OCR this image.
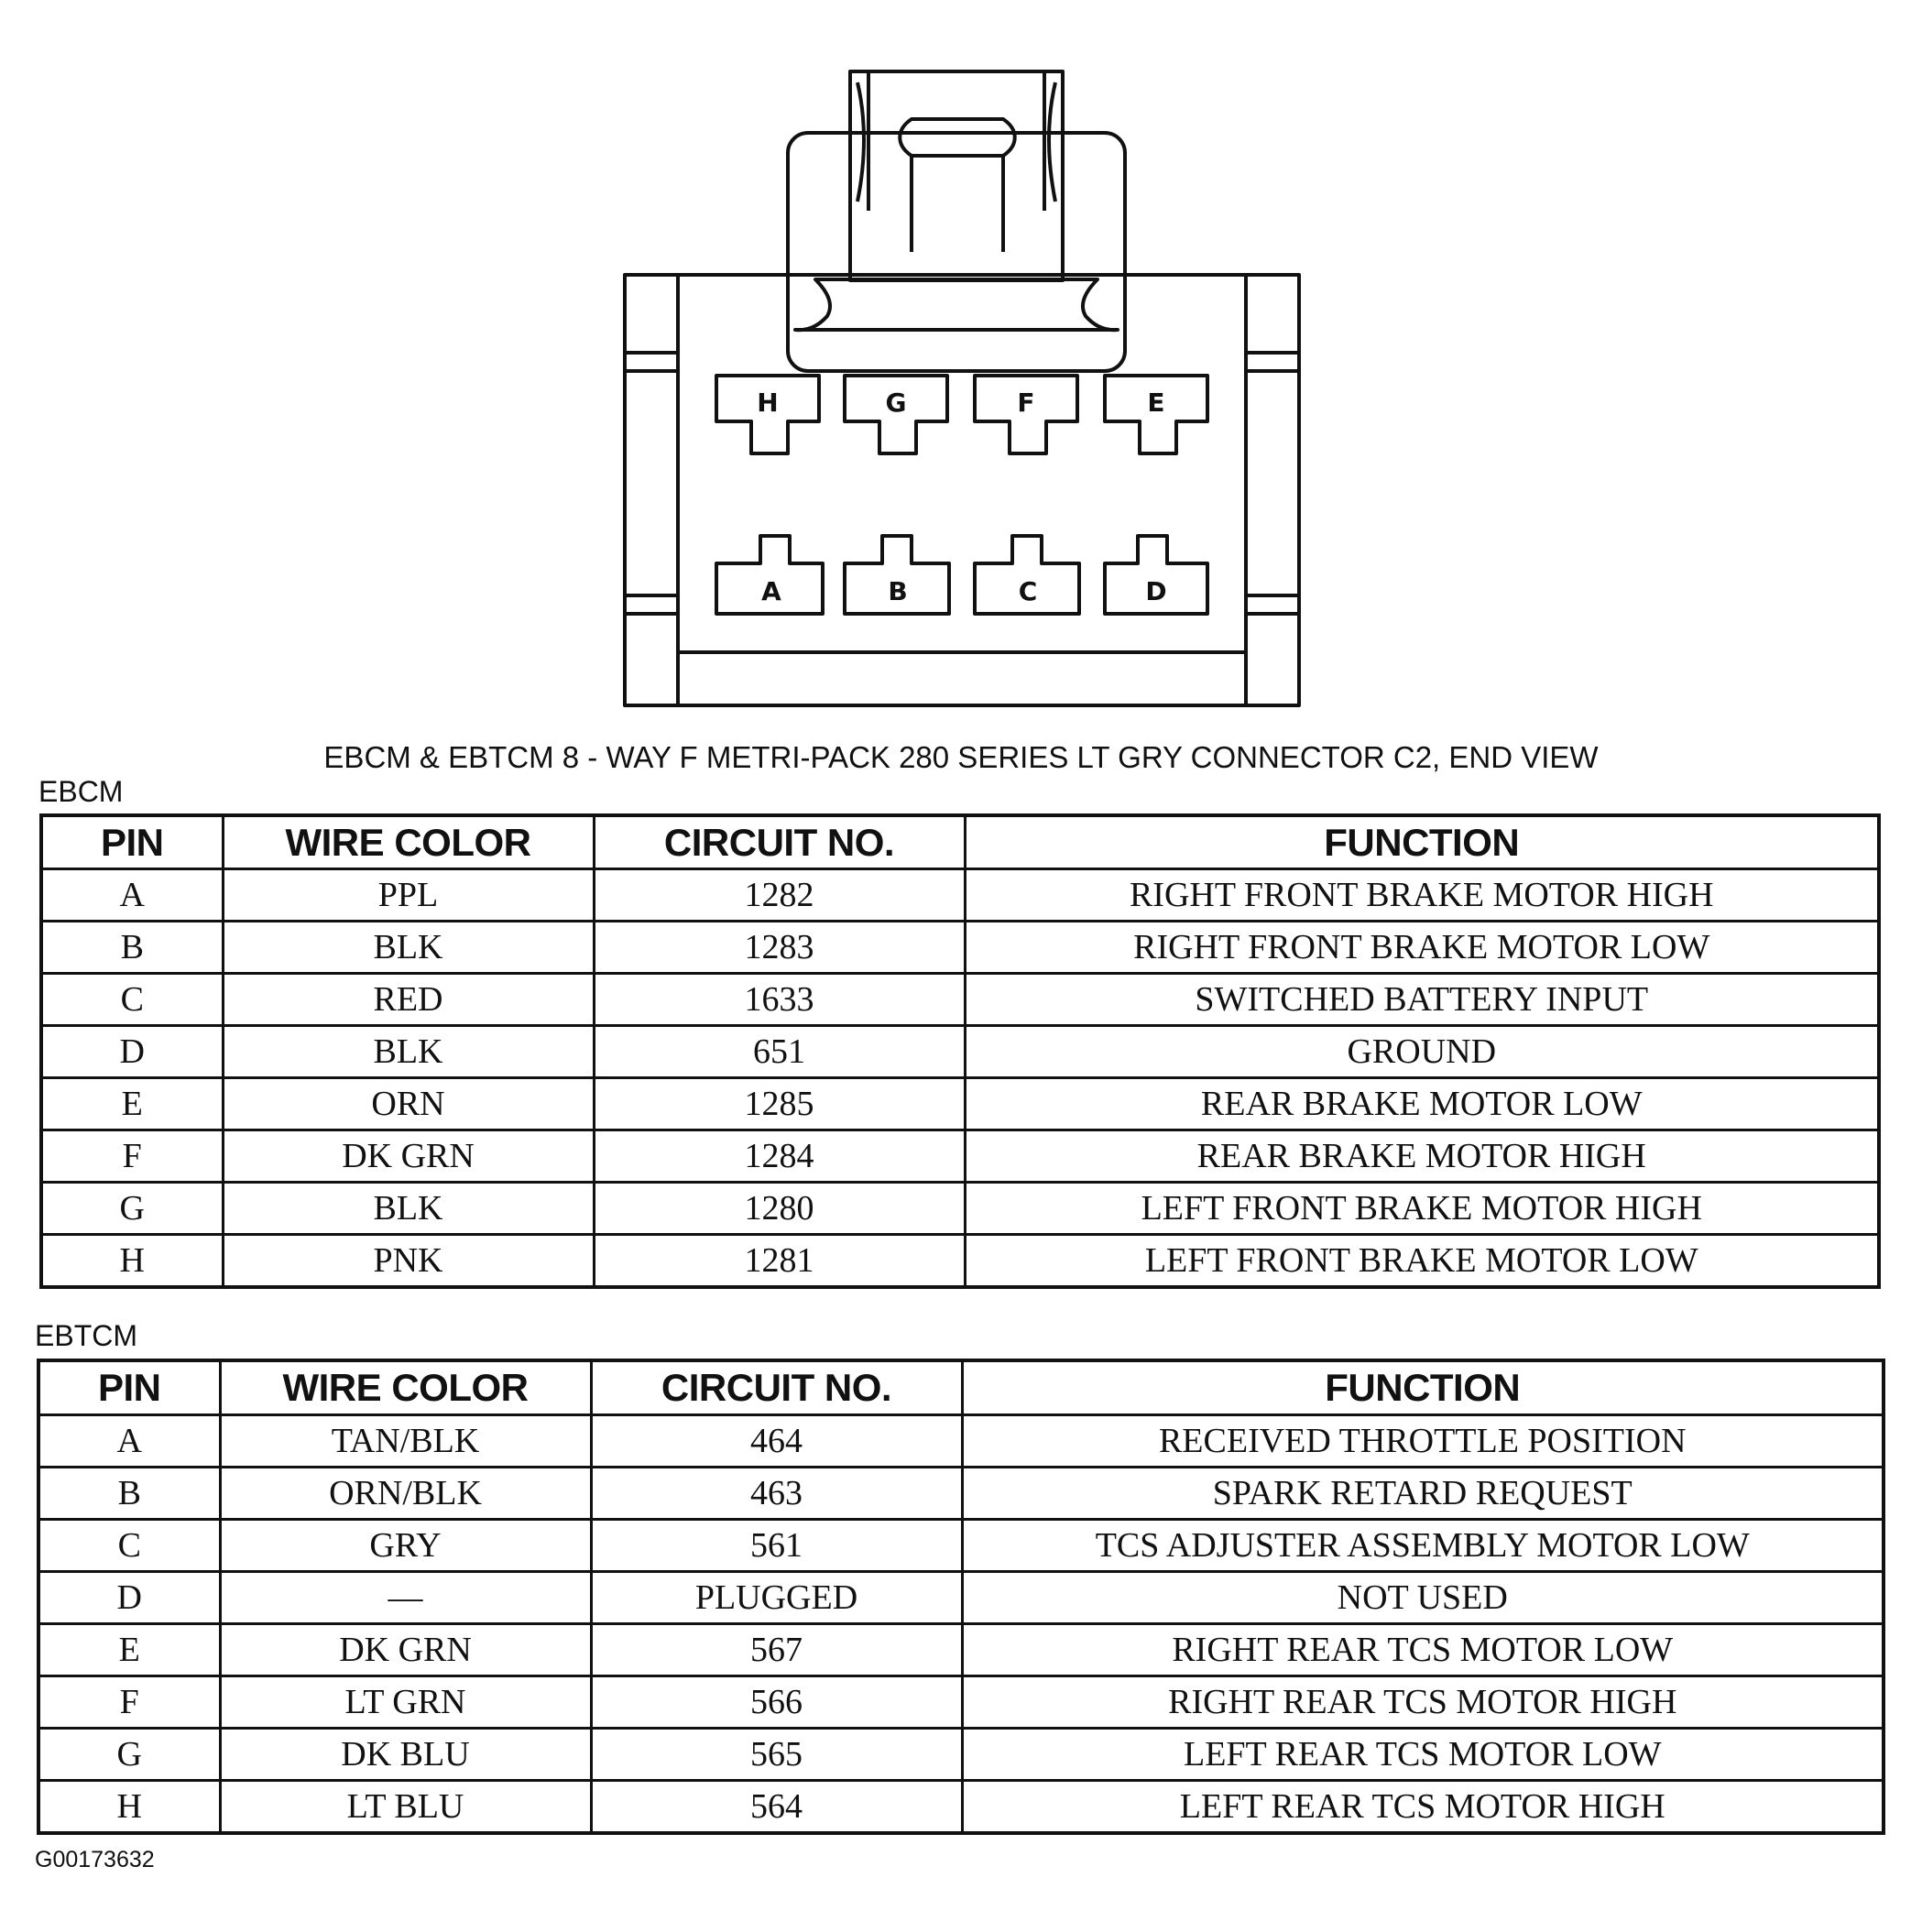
H	G	F	E
A	B	C	D
EBCM & EBTCM 8 - WAY F METRI-PACK 280 SERIES LT GRY CONNECTOR C2, END VIEW
EBCM
PIN	WIRE COLOR	CIRCUIT NO.	FUNCTION
A	PPL	1282	RIGHT FRONT BRAKE MOTOR HIGH
B	BLK	1283	RIGHT FRONT BRAKE MOTOR LOW
C	RED	1633	SWITCHED BATTERY INPUT
D	BLK	651	GROUND
E	ORN	1285	REAR BRAKE MOTOR LOW
F	DK GRN	1284	REAR BRAKE MOTOR HIGH
G	BLK	1280	LEFT FRONT BRAKE MOTOR HIGH
H	PNK	1281	LEFT FRONT BRAKE MOTOR LOW
EBTCM
PIN	WIRE COLOR	CIRCUIT NO.	FUNCTION
A	TAN/BLK	464	RECEIVED THROTTLE POSITION
B	ORN/BLK	463	SPARK RETARD REQUEST
C	GRY	561	TCS ADJUSTER ASSEMBLY MOTOR LOW
D	—	PLUGGED	NOT USED
E	DK GRN	567	RIGHT REAR TCS MOTOR LOW
F	LT GRN	566	RIGHT REAR TCS MOTOR HIGH
G	DK BLU	565	LEFT REAR TCS MOTOR LOW
H	LT BLU	564	LEFT REAR TCS MOTOR HIGH
G00173632
